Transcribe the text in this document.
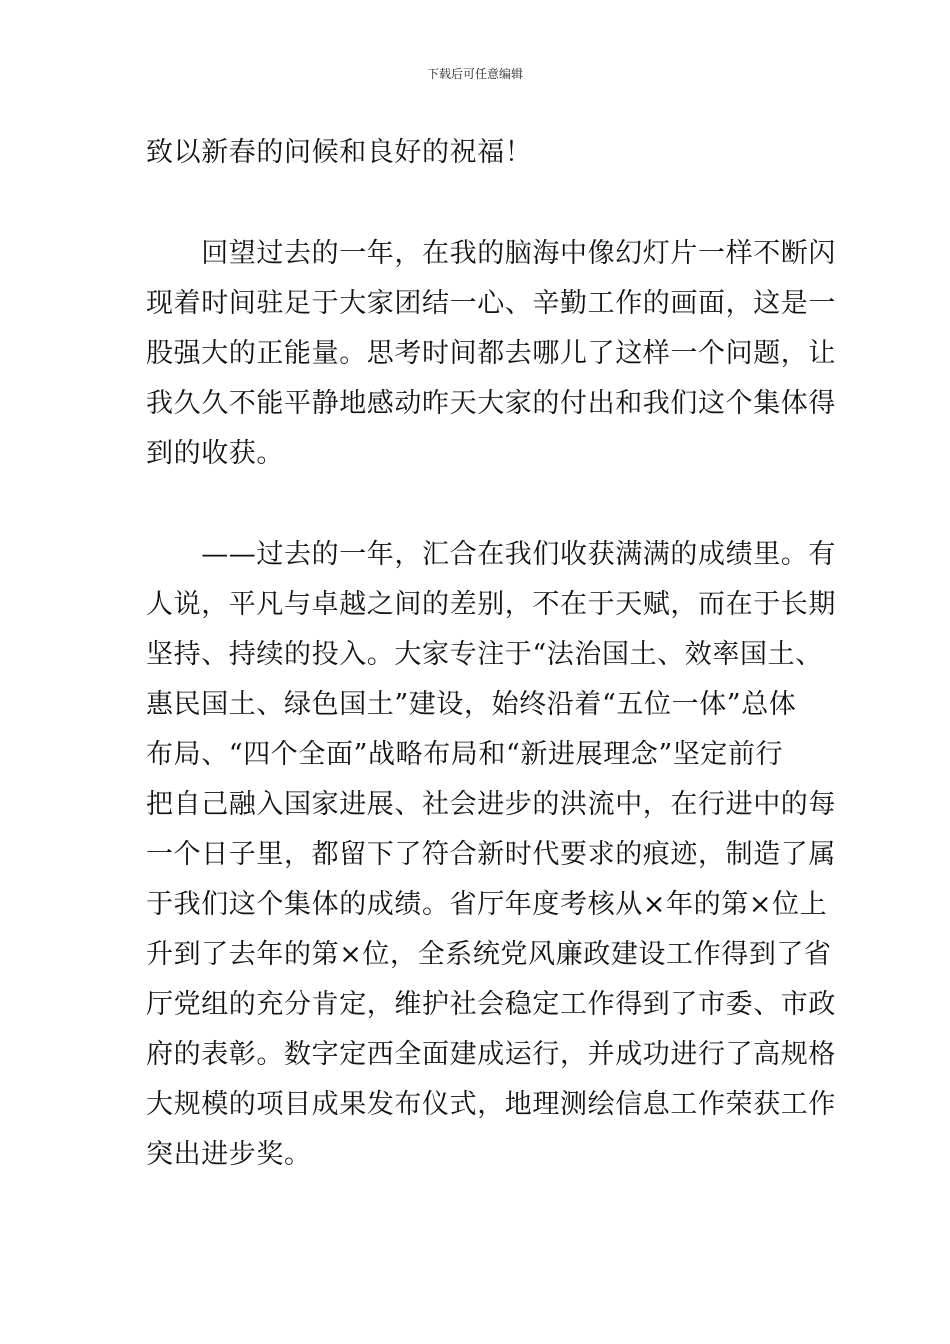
下载后可任意编辑
致以新春的问候和良好的祝福！
　　回望过去的一年，在我的脑海中像幻灯片一样不断闪
现着时间驻足于大家团结一心、辛勤工作的画面，这是一
股强大的正能量。思考时间都去哪儿了这样一个问题，让
我久久不能平静地感动昨天大家的付出和我们这个集体得
到的收获。
　　——过去的一年，汇合在我们收获满满的成绩里。有
人说，平凡与卓越之间的差别，不在于天赋，而在于长期
坚持、持续的投入。大家专注于“法治国土、效率国土、
惠民国土、绿色国土”建设，始终沿着“五位一体”总体
布局、“四个全面”战略布局和“新进展理念”坚定前行
把自己融入国家进展、社会进步的洪流中，在行进中的每
一个日子里，都留下了符合新时代要求的痕迹，制造了属
于我们这个集体的成绩。省厅年度考核从×年的第×位上
升到了去年的第×位，全系统党风廉政建设工作得到了省
厅党组的充分肯定，维护社会稳定工作得到了市委、市政
府的表彰。数字定西全面建成运行，并成功进行了高规格
大规模的项目成果发布仪式，地理测绘信息工作荣获工作
突出进步奖。
